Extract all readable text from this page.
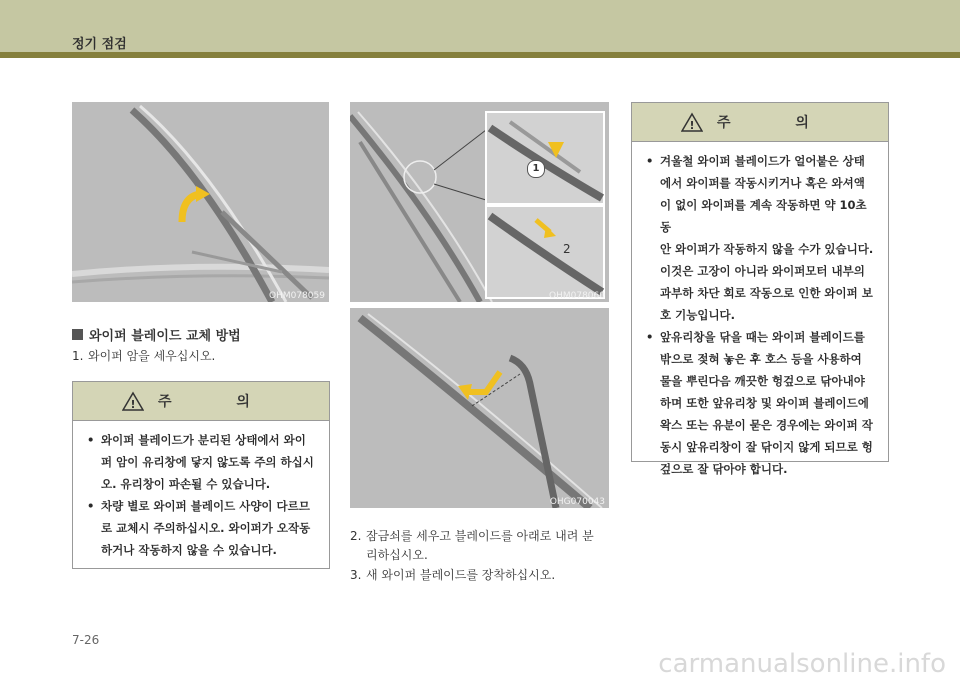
정기 점검
OHM078059
1
2
OHM078060
OHG070043
와이퍼 블레이드 교체 방법
1. 와이퍼 암을 세우십시오.
! 주 의
• 와이퍼 블레이드가 분리된 상태에서 와이
퍼 암이 유리창에 닿지 않도록 주의 하십시
오. 유리창이 파손될 수 있습니다.
• 차량 별로 와이퍼 블레이드 사양이 다르므
로 교체시 주의하십시오. 와이퍼가 오작동
하거나 작동하지 않을 수 있습니다.
2. 잠금쇠를 세우고 블레이드를 아래로 내려 분
리하십시오.
3. 새 와이퍼 블레이드를 장착하십시오.
! 주 의
• 겨울철 와이퍼 블레이드가 얼어붙은 상태
에서 와이퍼를 작동시키거나 혹은 와셔액
이 없이 와이퍼를 계속 작동하면 약 10초동
안 와이퍼가 작동하지 않을 수가 있습니다.
이것은 고장이 아니라 와이퍼모터 내부의
과부하 차단 회로 작동으로 인한 와이퍼 보
호 기능입니다.
• 앞유리창을 닦을 때는 와이퍼 블레이드를
밖으로 젖혀 놓은 후 호스 등을 사용하여
물을 뿌린다음 깨끗한 헝겊으로 닦아내야
하며 또한 앞유리창 및 와이퍼 블레이드에
왁스 또는 유분이 묻은 경우에는 와이퍼 작
동시 앞유리창이 잘 닦이지 않게 되므로 헝
겊으로 잘 닦아야 합니다.
7-26
carmanualsonline.info
